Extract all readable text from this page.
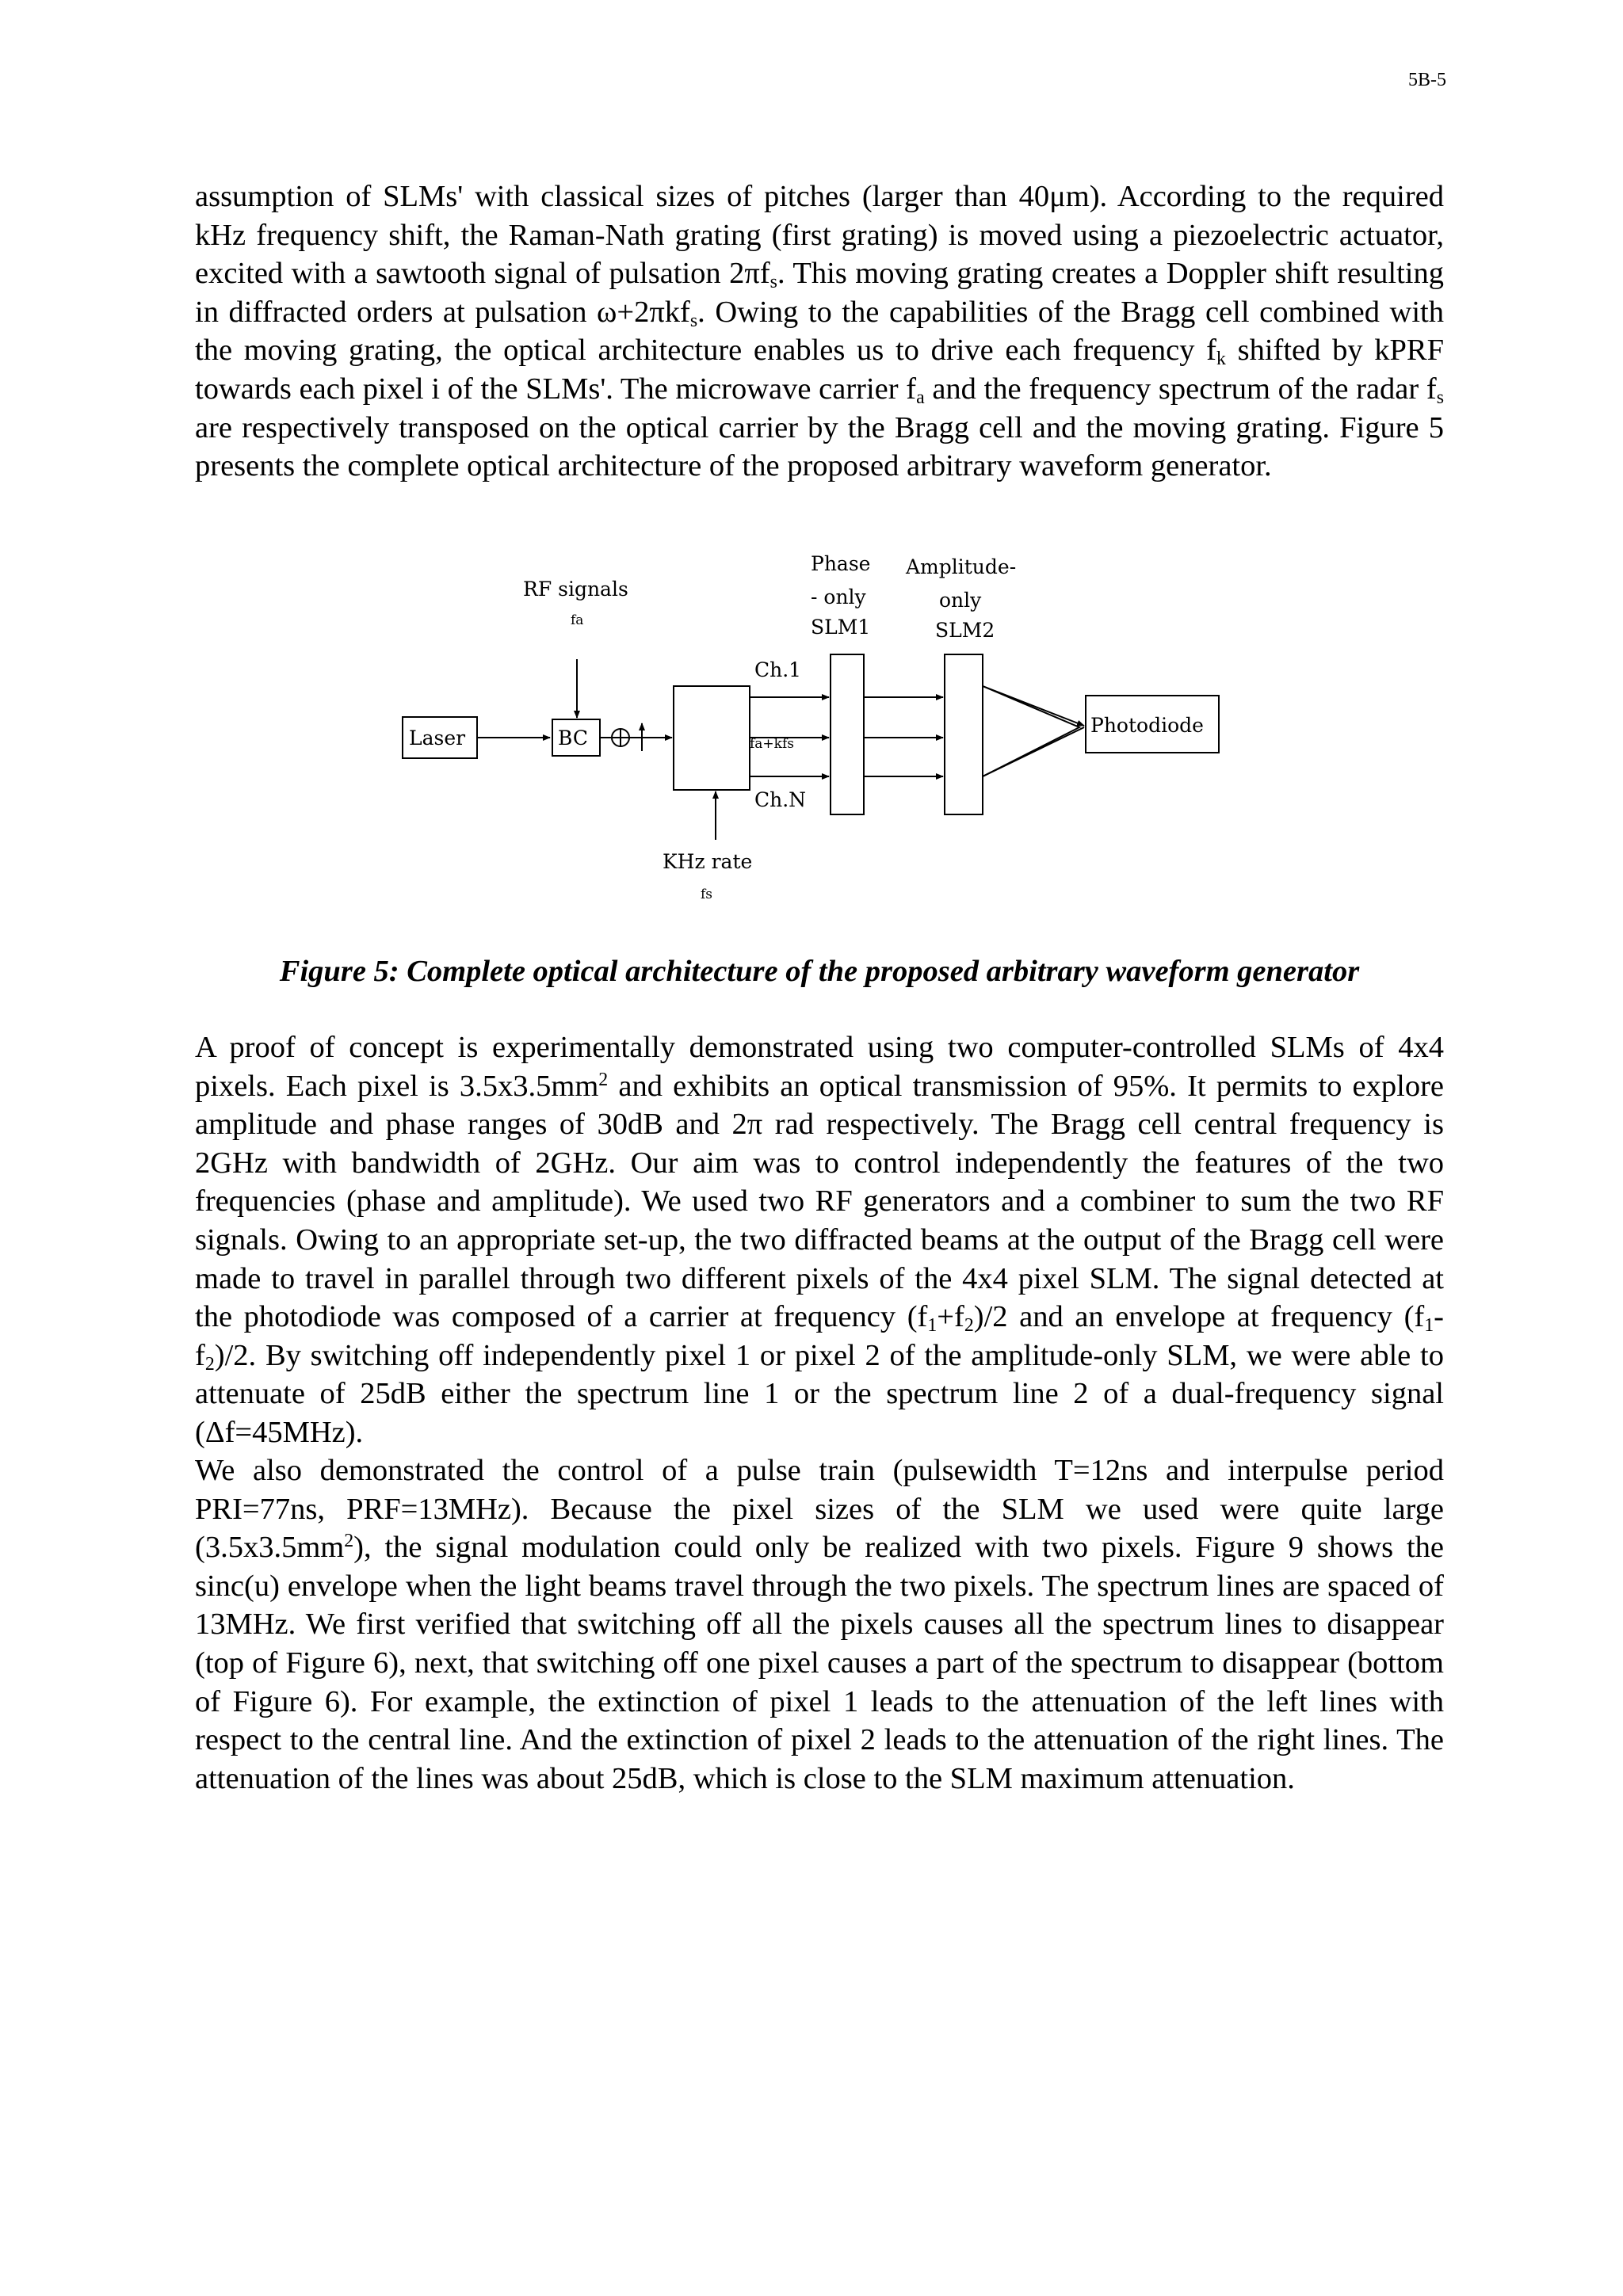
5B-5

assumption of SLMs' with classical sizes of pitches (larger than 40μm). According to the required kHz frequency shift, the Raman-Nath grating (first grating) is moved using a piezoelectric actuator, excited with a sawtooth signal of pulsation $2\pi f_s$. This moving grating creates a Doppler shift resulting in diffracted orders at pulsation ω+2πkf$_s$. Owing to the capabilities of the Bragg cell combined with the moving grating, the optical architecture enables us to drive each frequency $f_k$ shifted by kPRF towards each pixel i of the SLMs'. The microwave carrier $f_a$ and the frequency spectrum of the radar $f_s$ are respectively transposed on the optical carrier by the Bragg cell and the moving grating. Figure 5 presents the complete optical architecture of the proposed arbitrary waveform generator.

RF signals
fa
Phase
- only
SLM1
Amplitude-
only
SLM2
Ch.1
Ch.N
fa+kfs
Laser	BC
Photodiode
KHz rate
fs

Figure 5: Complete optical architecture of the proposed arbitrary waveform generator

A proof of concept is experimentally demonstrated using two computer-controlled SLMs of 4x4 pixels. Each pixel is $3.5x3.5mm^2$ and exhibits an optical transmission of 95%. It permits to explore amplitude and phase ranges of 30dB and 2π rad respectively. The Bragg cell central frequency is 2GHz with bandwidth of 2GHz. Our aim was to control independently the features of the two frequencies (phase and amplitude). We used two RF generators and a combiner to sum the two RF signals. Owing to an appropriate set-up, the two diffracted beams at the output of the Bragg cell were made to travel in parallel through two different pixels of the 4x4 pixel SLM. The signal detected at the photodiode was composed of a carrier at frequency $(f_1+f_2)/2$ and an envelope at frequency $(f_1-f_2)/2$. By switching off independently pixel 1 or pixel 2 of the amplitude-only SLM, we were able to attenuate of 25dB either the spectrum line 1 or the spectrum line 2 of a dual-frequency signal (Δf=45MHz).

We also demonstrated the control of a pulse train (pulsewidth T=12ns and interpulse period PRI=77ns, PRF=13MHz). Because the pixel sizes of the SLM we used were quite large $(3.5x3.5mm^2)$, the signal modulation could only be realized with two pixels. Figure 9 shows the sinc(u) envelope when the light beams travel through the two pixels. The spectrum lines are spaced of 13MHz. We first verified that switching off all the pixels causes all the spectrum lines to disappear (top of Figure 6), next, that switching off one pixel causes a part of the spectrum to disappear (bottom of Figure 6). For example, the extinction of pixel 1 leads to the attenuation of the left lines with respect to the central line. And the extinction of pixel 2 leads to the attenuation of the right lines. The attenuation of the lines was about 25dB, which is close to the SLM maximum attenuation.
